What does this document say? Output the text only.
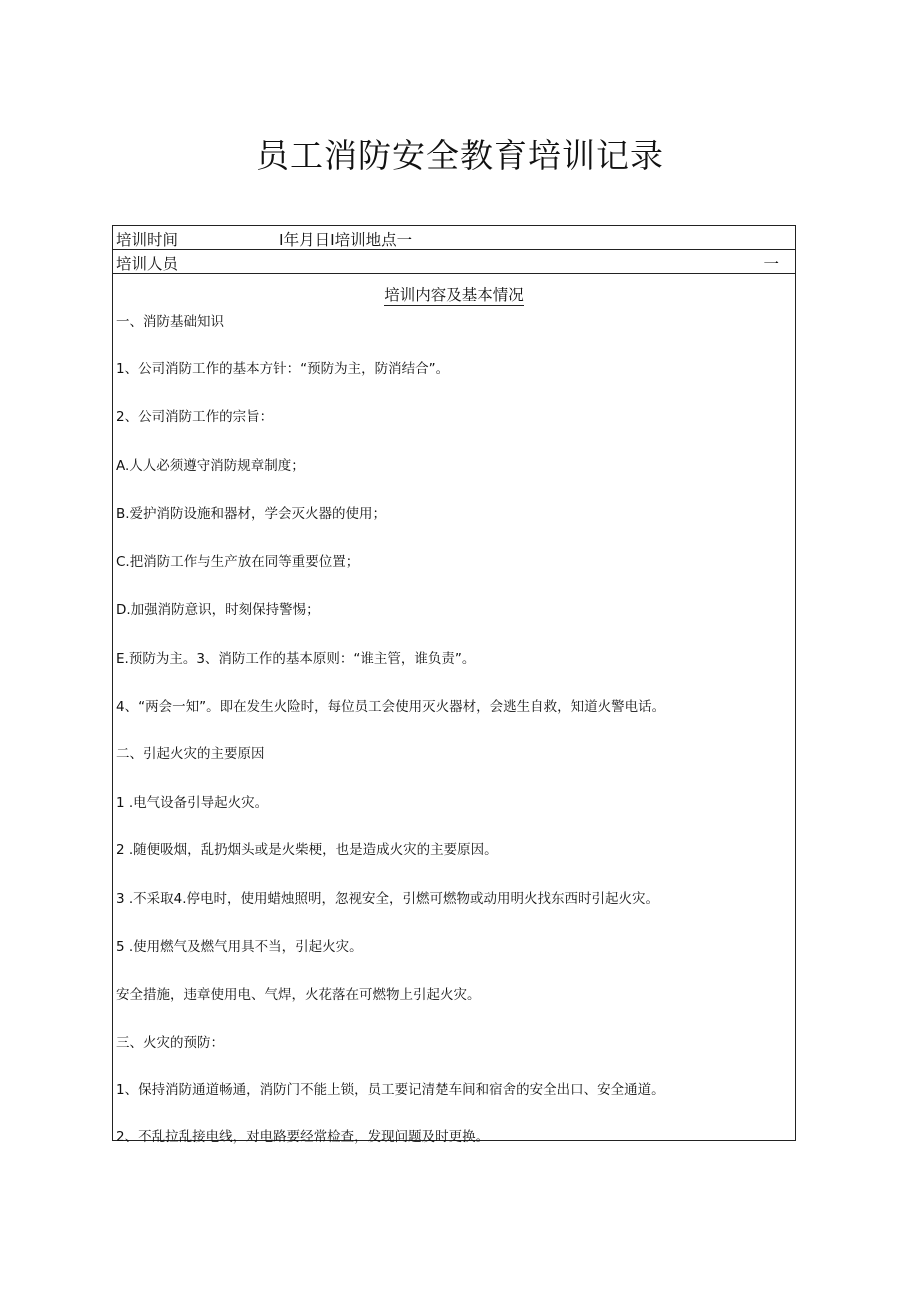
员工消防安全教育培训记录
培训时间	I年月日I培训地点一
培训人员	一
培训内容及基本情况
一、消防基础知识
1、公司消防工作的基本方针：“预防为主，防消结合”。
2、公司消防工作的宗旨：
A.人人必须遵守消防规章制度；
B.爱护消防设施和器材，学会灭火器的使用；
C.把消防工作与生产放在同等重要位置；
D.加强消防意识，时刻保持警惕；
E.预防为主。3、消防工作的基本原则：“谁主管，谁负责”。
4、“两会一知”。即在发生火险时，每位员工会使用灭火器材，会逃生自救，知道火警电话。
二、引起火灾的主要原因
1 .电气设备引导起火灾。
2 .随便吸烟，乱扔烟头或是火柴梗，也是造成火灾的主要原因。
3 .不采取4.停电时，使用蜡烛照明，忽视安全，引燃可燃物或动用明火找东西时引起火灾。
5 .使用燃气及燃气用具不当，引起火灾。
安全措施，违章使用电、气焊，火花落在可燃物上引起火灾。
三、火灾的预防：
1、保持消防通道畅通，消防门不能上锁，员工要记清楚车间和宿舍的安全出口、安全通道。
2、不乱拉乱接电线，对电路要经常检查，发现问题及时更换。
